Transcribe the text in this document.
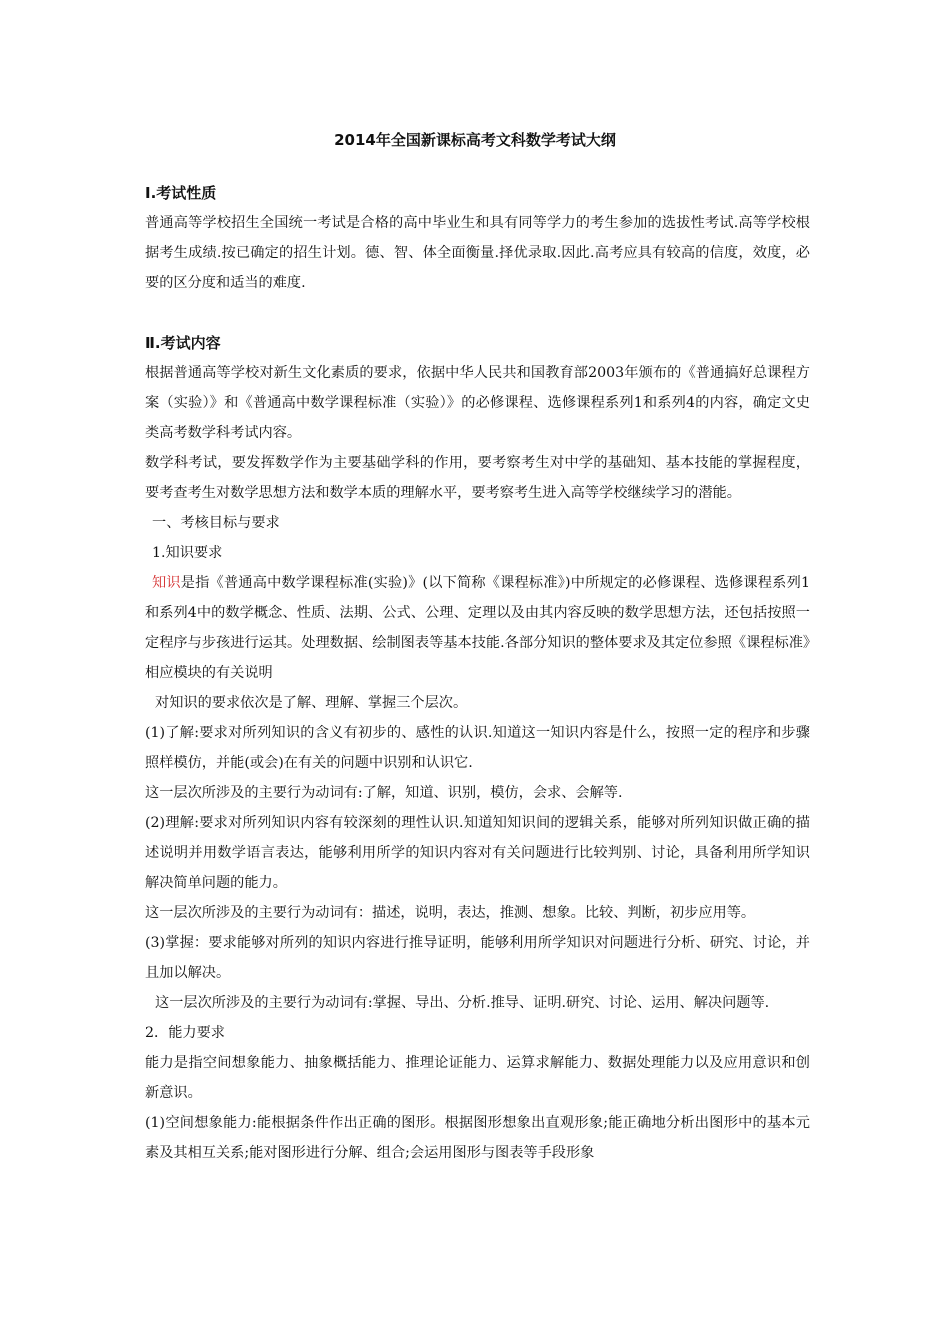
2014年全国新课标高考文科数学考试大纲

I.考试性质

普通高等学校招生全国统一考试是合格的高中毕业生和具有同等学力的考生参加的选拔性考试.高等学校根据考生成绩.按已确定的招生计划。德、智、体全面衡量.择优录取.因此.高考应具有较高的信度，效度，必要的区分度和适当的难度.

Ⅱ.考试内容

根据普通高等学校对新生文化素质的要求，依据中华人民共和国教育部2003年颁布的《普通搞好总课程方案（实验）》和《普通高中数学课程标准（实验）》的必修课程、选修课程系列1和系列4的内容，确定文史类高考数学科考试内容。

数学科考试，要发挥数学作为主要基础学科的作用，要考察考生对中学的基础知、基本技能的掌握程度，要考查考生对数学思想方法和数学本质的理解水平，要考察考生进入高等学校继续学习的潜能。

一、考核目标与要求

1.知识要求

知识是指《普通高中数学课程标准(实验)》(以下简称《课程标准》)中所规定的必修课程、选修课程系列1和系列4中的数学概念、性质、法期、公式、公理、定理以及由其内容反映的数学思想方法，还包括按照一定程序与步孩进行运其。处理数据、绘制图表等基本技能.各部分知识的整体要求及其定位参照《课程标准》相应模块的有关说明

对知识的要求依次是了解、理解、掌握三个层次。

(1)了解:要求对所列知识的含义有初步的、感性的认识.知道这一知识内容是什么，按照一定的程序和步骤照样模仿，并能(或会)在有关的问题中识别和认识它.

这一层次所涉及的主要行为动词有:了解，知道、识别，模仿，会求、会解等.

(2)理解:要求对所列知识内容有较深刻的理性认识.知道知知识间的逻辑关系，能够对所列知识做正确的描述说明并用数学语言表达，能够利用所学的知识内容对有关问题进行比较判别、讨论，具备利用所学知识解决简单问题的能力。

这一层次所涉及的主要行为动词有：描述，说明，表达，推测、想象。比较、判断，初步应用等。

(3)掌握：要求能够对所列的知识内容进行推导证明，能够利用所学知识对问题进行分析、研究、讨论，并且加以解决。

这一层次所涉及的主要行为动词有:掌握、导出、分析.推导、证明.研究、讨论、运用、解决问题等.

2．能力要求

能力是指空间想象能力、抽象概括能力、推理论证能力、运算求解能力、数据处理能力以及应用意识和创新意识。

(1)空间想象能力:能根据条件作出正确的图形。根据图形想象出直观形象;能正确地分析出图形中的基本元素及其相互关系;能对图形进行分解、组合;会运用图形与图表等手段形象
